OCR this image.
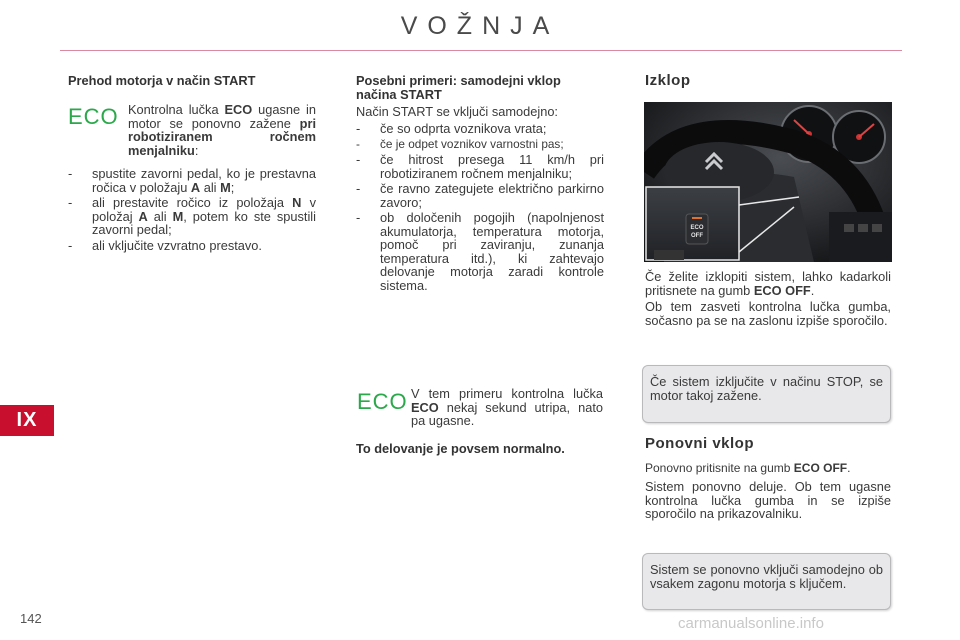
VOŽNJA
IX
142	carmanualsonline.info
Prehod motorja v način START
ECO Kontrolna lučka ECO ugasne in motor se ponovno zažene pri robotiziranem ročnem menjalniku:
- spustite zavorni pedal, ko je prestavna ročica v položaju A ali M;
- ali prestavite ročico iz položaja N v položaj A ali M, potem ko ste spustili zavorni pedal;
- ali vključite vzvratno prestavo.
Posebni primeri: samodejni vklop načina START
Način START se vključi samodejno:
- če so odprta voznikova vrata;
- če je odpet voznikov varnostni pas;
- če hitrost presega 11 km/h pri robotiziranem ročnem menjalniku;
- če ravno zategujete električno parkirno zavoro;
- ob določenih pogojih (napolnjenost akumulatorja, temperatura motorja, pomoč pri zaviranju, zunanja temperatura itd.), ki zahtevajo delovanje motorja zaradi kontrole sistema.
ECO V tem primeru kontrolna lučka ECO nekaj sekund utripa, nato pa ugasne.
To delovanje je povsem normalno.
Izklop
ECO
OFF
Če želite izklopiti sistem, lahko kadarkoli pritisnete na gumb ECO OFF.
Ob tem zasveti kontrolna lučka gumba, sočasno pa se na zaslonu izpiše sporočilo.
Če sistem izključite v načinu STOP, se motor takoj zažene.
Ponovni vklop
Ponovno pritisnite na gumb ECO OFF.
Sistem ponovno deluje. Ob tem ugasne kontrolna lučka gumba in se izpiše sporočilo na prikazovalniku.
Sistem se ponovno vključi samodejno ob vsakem zagonu motorja s ključem.
